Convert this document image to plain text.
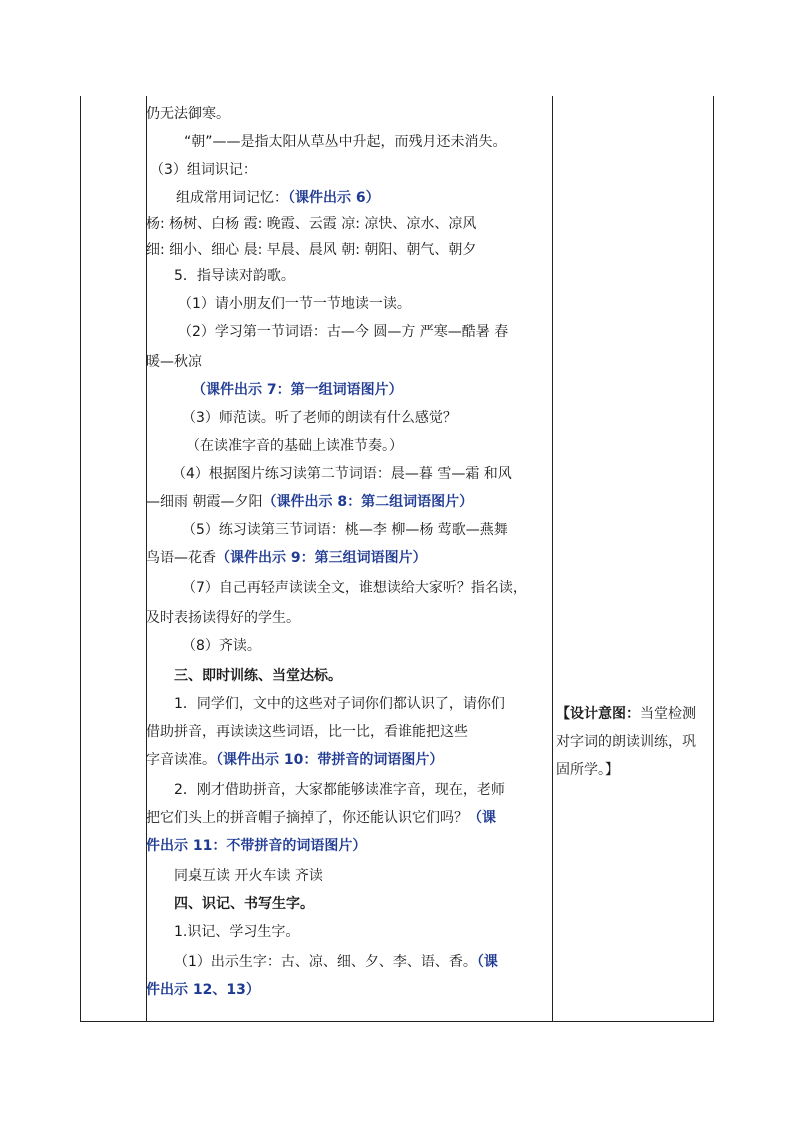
仍无法御寒。
“朝”——是指太阳从草丛中升起，而残月还未消失。
（3）组词识记：
组成常用词记忆：（课件出示 6）
杨: 杨树、白杨 霞: 晚霞、云霞 凉: 凉快、凉水、凉风
细: 细小、细心 晨: 早晨、晨风 朝: 朝阳、朝气、朝夕
5．指导读对韵歌。
（1）请小朋友们一节一节地读一读。
（2）学习第一节词语：古—今 圆—方 严寒—酷暑 春
暖—秋凉
（课件出示 7：第一组词语图片）
（3）师范读。听了老师的朗读有什么感觉？
（在读准字音的基础上读准节奏。）
（4）根据图片练习读第二节词语：晨—暮 雪—霜 和风
—细雨 朝霞—夕阳（课件出示 8：第二组词语图片）
（5）练习读第三节词语：桃—李 柳—杨 莺歌—燕舞
鸟语—花香（课件出示 9：第三组词语图片）
（7）自己再轻声读读全文，谁想读给大家听？指名读，
及时表扬读得好的学生。
（8）齐读。
三、即时训练、当堂达标。
1．同学们，文中的这些对子词你们都认识了，请你们
借助拼音，再读读这些词语，比一比，看谁能把这些
字音读准。（课件出示 10：带拼音的词语图片）
2．刚才借助拼音，大家都能够读准字音，现在，老师
把它们头上的拼音帽子摘掉了，你还能认识它们吗？（课
件出示 11：不带拼音的词语图片）
同桌互读 开火车读 齐读
四、识记、书写生字。
1.识记、学习生字。
（1）出示生字：古、凉、细、夕、李、语、香。（课
件出示 12、13）
【设计意图：当堂检测
对字词的朗读训练，巩
固所学。】
